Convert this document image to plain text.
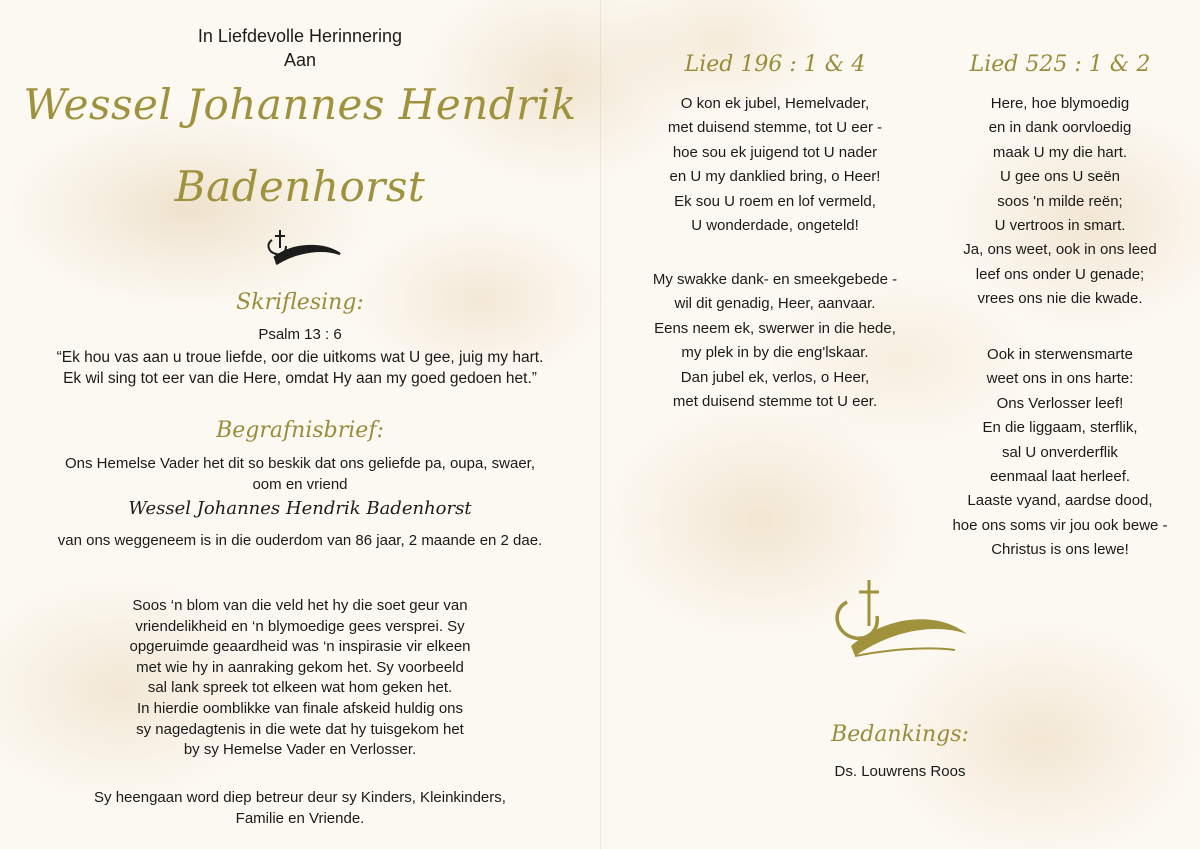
In Liefdevolle Herinnering
Aan
Wessel Johannes Hendrik
Badenhorst
Skriflesing:
Psalm 13 : 6
“Ek hou vas aan u troue liefde, oor die uitkoms wat U gee, juig my hart.
Ek wil sing tot eer van die Here, omdat Hy aan my goed gedoen het.”
Begrafnisbrief:
Ons Hemelse Vader het dit so beskik dat ons geliefde pa, oupa, swaer,
oom en vriend
Wessel Johannes Hendrik Badenhorst
van ons weggeneem is in die ouderdom van 86 jaar, 2 maande en 2 dae.
Soos ‘n blom van die veld het hy die soet geur van
vriendelikheid en ‘n blymoedige gees versprei. Sy
opgeruimde geaardheid was ‘n inspirasie vir elkeen
met wie hy in aanraking gekom het. Sy voorbeeld
sal lank spreek tot elkeen wat hom geken het.
In hierdie oomblikke van finale afskeid huldig ons
sy nagedagtenis in die wete dat hy tuisgekom het
by sy Hemelse Vader en Verlosser.
Sy heengaan word diep betreur deur sy Kinders, Kleinkinders,
Familie en Vriende.
Lied 196 : 1 & 4
O kon ek jubel, Hemelvader,
met duisend stemme, tot U eer -
hoe sou ek juigend tot U nader
en U my danklied bring, o Heer!
Ek sou U roem en lof vermeld,
U wonderdade, ongeteld!
My swakke dank- en smeekgebede -
wil dit genadig, Heer, aanvaar.
Eens neem ek, swerwer in die hede,
my plek in by die eng'lskaar.
Dan jubel ek, verlos, o Heer,
met duisend stemme tot U eer.
Lied 525 : 1 & 2
Here, hoe blymoedig
en in dank oorvloedig
maak U my die hart.
U gee ons U seën
soos 'n milde reën;
U vertroos in smart.
Ja, ons weet, ook in ons leed
leef ons onder U genade;
vrees ons nie die kwade.
Ook in sterwensmarte
weet ons in ons harte:
Ons Verlosser leef!
En die liggaam, sterflik,
sal U onverderflik
eenmaal laat herleef.
Laaste vyand, aardse dood,
hoe ons soms vir jou ook bewe -
Christus is ons lewe!
Bedankings:
Ds. Louwrens Roos
